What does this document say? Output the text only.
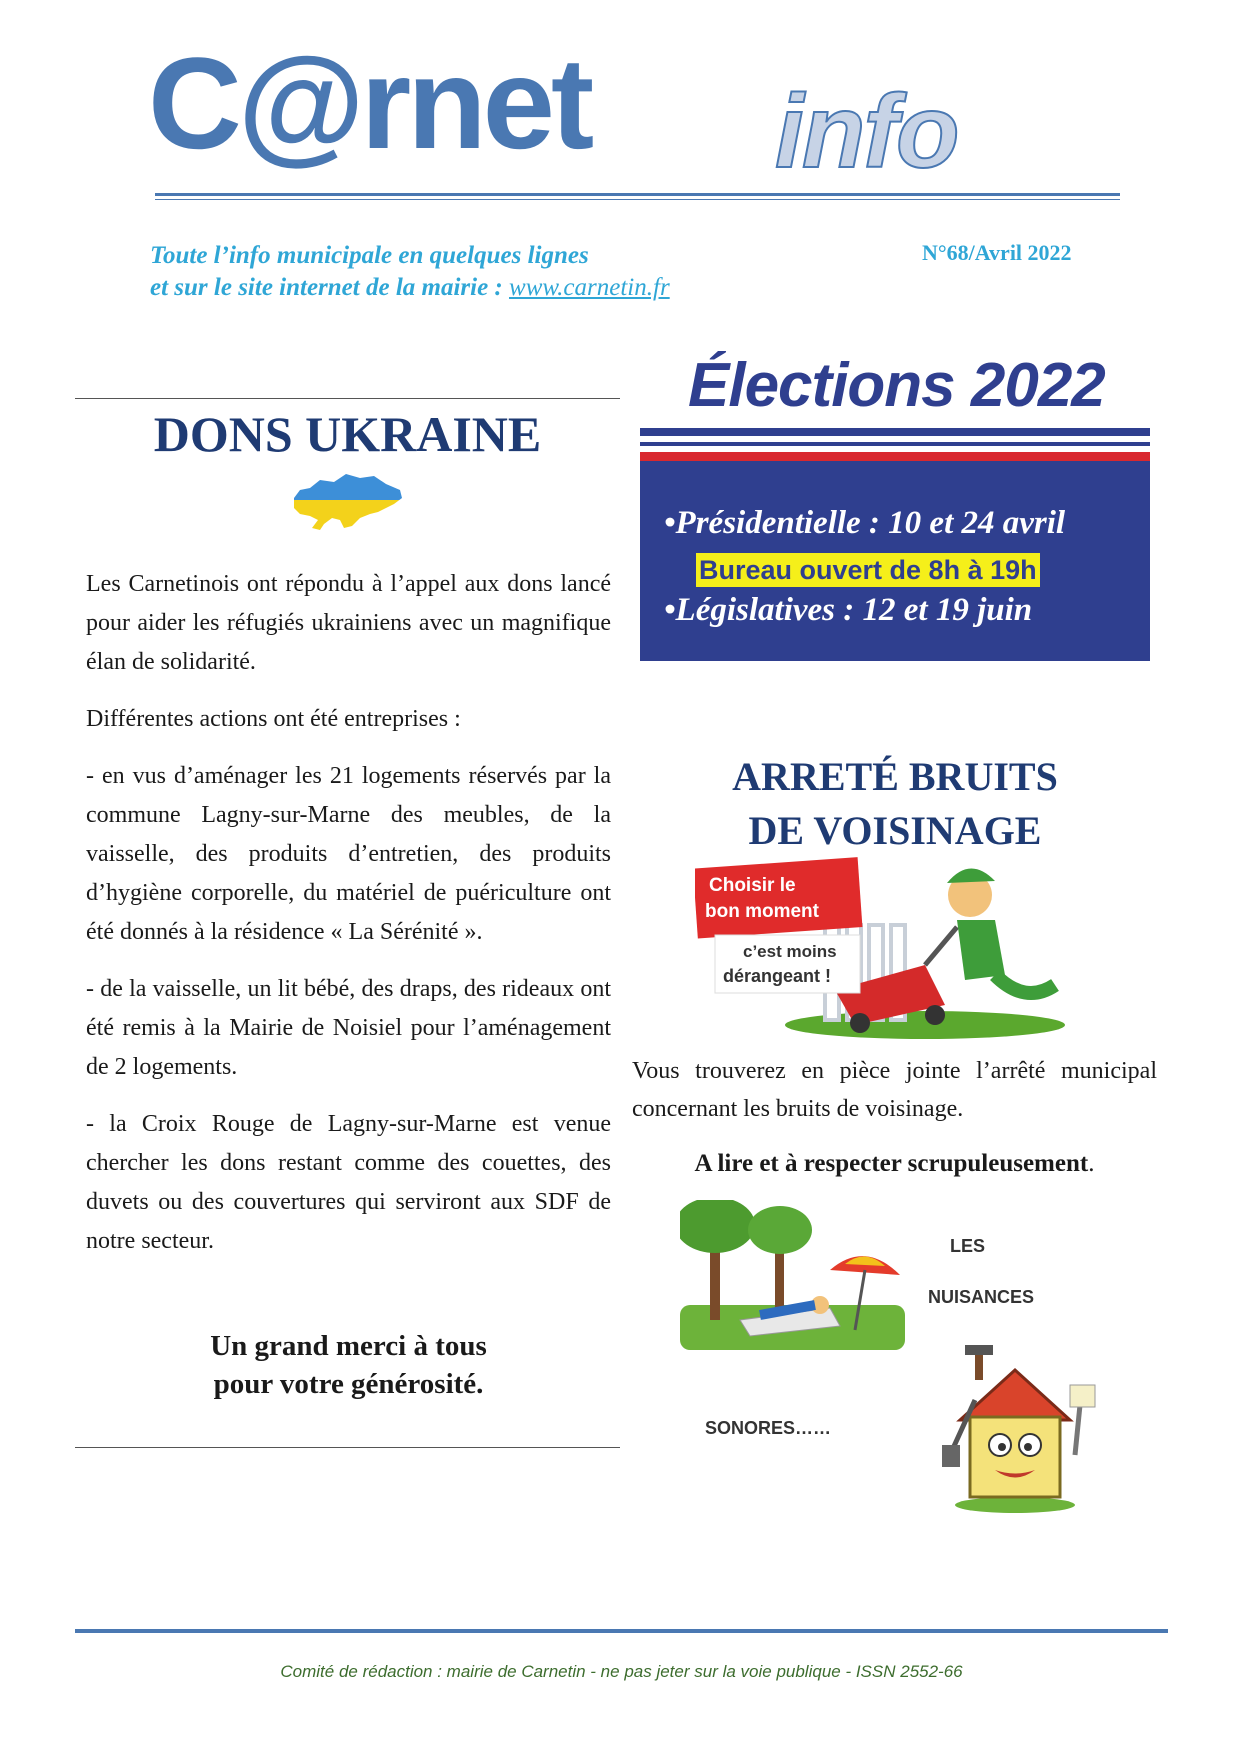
C@rnet info
Toute l’info municipale en quelques lignes
et sur le site internet de la mairie : www.carnetin.fr
N°68/Avril 2022
DONS UKRAINE

Les Carnetinois ont répondu à l’appel aux dons lancé pour aider les réfugiés ukrainiens avec un magnifique élan de solidarité.

Différentes actions ont été entreprises :

- en vus d’aménager les 21 logements réservés par la commune Lagny-sur-Marne des meubles, de la vaisselle, des produits d’entretien, des produits d’hygiène corporelle, du matériel de puériculture ont été donnés à la résidence « La Sérénité ».

- de la vaisselle, un lit bébé, des draps, des rideaux ont été remis à la Mairie de Noisiel pour l’aménagement de 2 logements.

- la Croix Rouge de Lagny-sur-Marne est venue chercher les dons restant comme des couettes, des duvets ou des couvertures qui serviront aux SDF de notre secteur.

Un grand merci à tous
pour votre générosité.
Élections 2022
•Présidentielle : 10 et 24 avril
Bureau ouvert de 8h à 19h
•Législatives : 12 et 19 juin
ARRETÉ BRUITS
DE VOISINAGE
Choisir le
bon moment
c’est moins
dérangeant !
Vous trouverez en pièce jointe l’arrêté municipal concernant les bruits de voisinage.
A lire et à respecter scrupuleusement.
LES
NUISANCES
SONORES……
Comité de rédaction : mairie de Carnetin - ne pas jeter sur la voie publique - ISSN 2552-66
